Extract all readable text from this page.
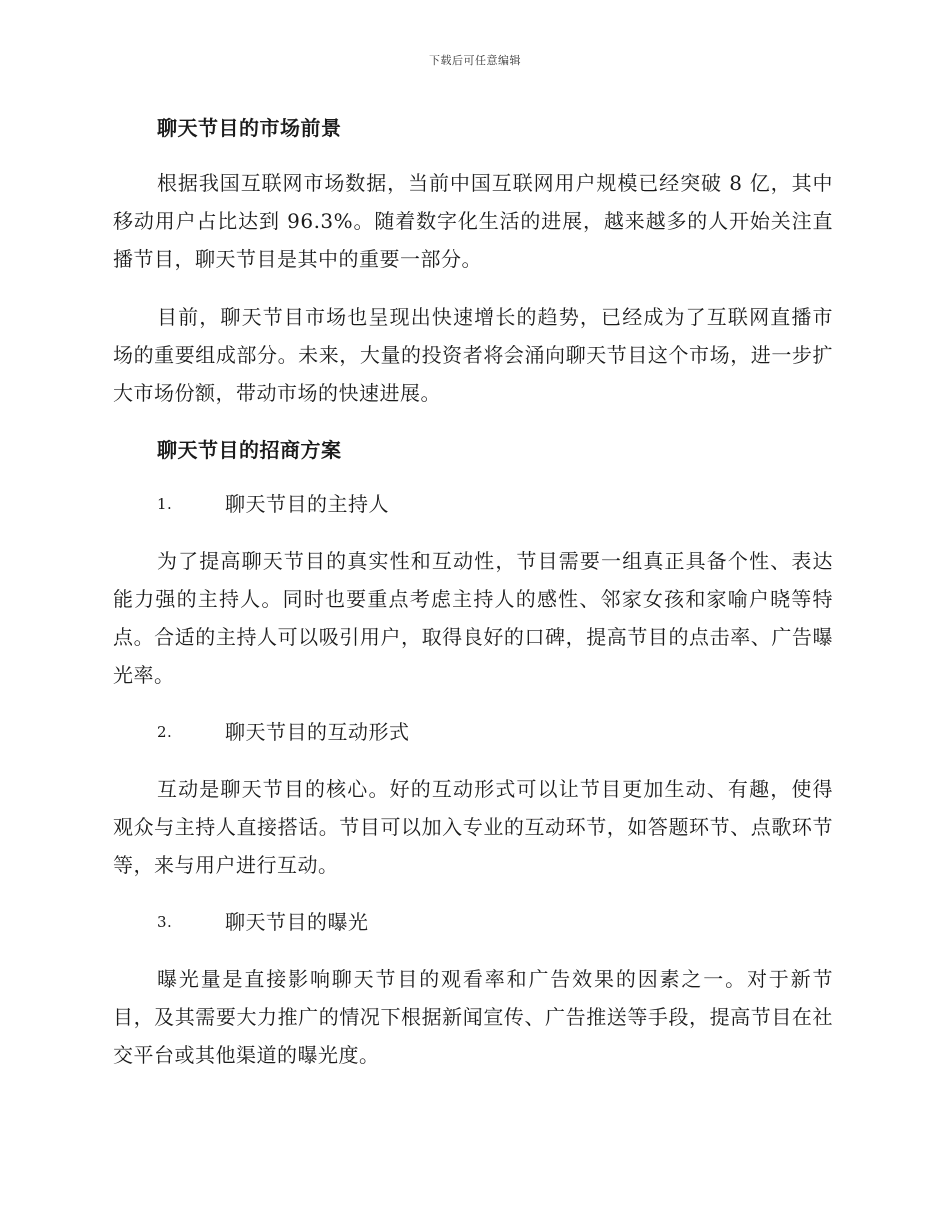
下载后可任意编辑
聊天节目的市场前景

根据我国互联网市场数据，当前中国互联网用户规模已经突破 8 亿，其中移动用户占比达到 96.3%。随着数字化生活的进展，越来越多的人开始关注直播节目，聊天节目是其中的重要一部分。

目前，聊天节目市场也呈现出快速增长的趋势，已经成为了互联网直播市场的重要组成部分。未来，大量的投资者将会涌向聊天节目这个市场，进一步扩大市场份额，带动市场的快速进展。

聊天节目的招商方案
1.	聊天节目的主持人

为了提高聊天节目的真实性和互动性，节目需要一组真正具备个性、表达能力强的主持人。同时也要重点考虑主持人的感性、邻家女孩和家喻户晓等特点。合适的主持人可以吸引用户，取得良好的口碑，提高节目的点击率、广告曝光率。

2.	聊天节目的互动形式

互动是聊天节目的核心。好的互动形式可以让节目更加生动、有趣，使得观众与主持人直接搭话。节目可以加入专业的互动环节，如答题环节、点歌环节等，来与用户进行互动。

3.	聊天节目的曝光

曝光量是直接影响聊天节目的观看率和广告效果的因素之一。对于新节目，及其需要大力推广的情况下根据新闻宣传、广告推送等手段，提高节目在社交平台或其他渠道的曝光度。
